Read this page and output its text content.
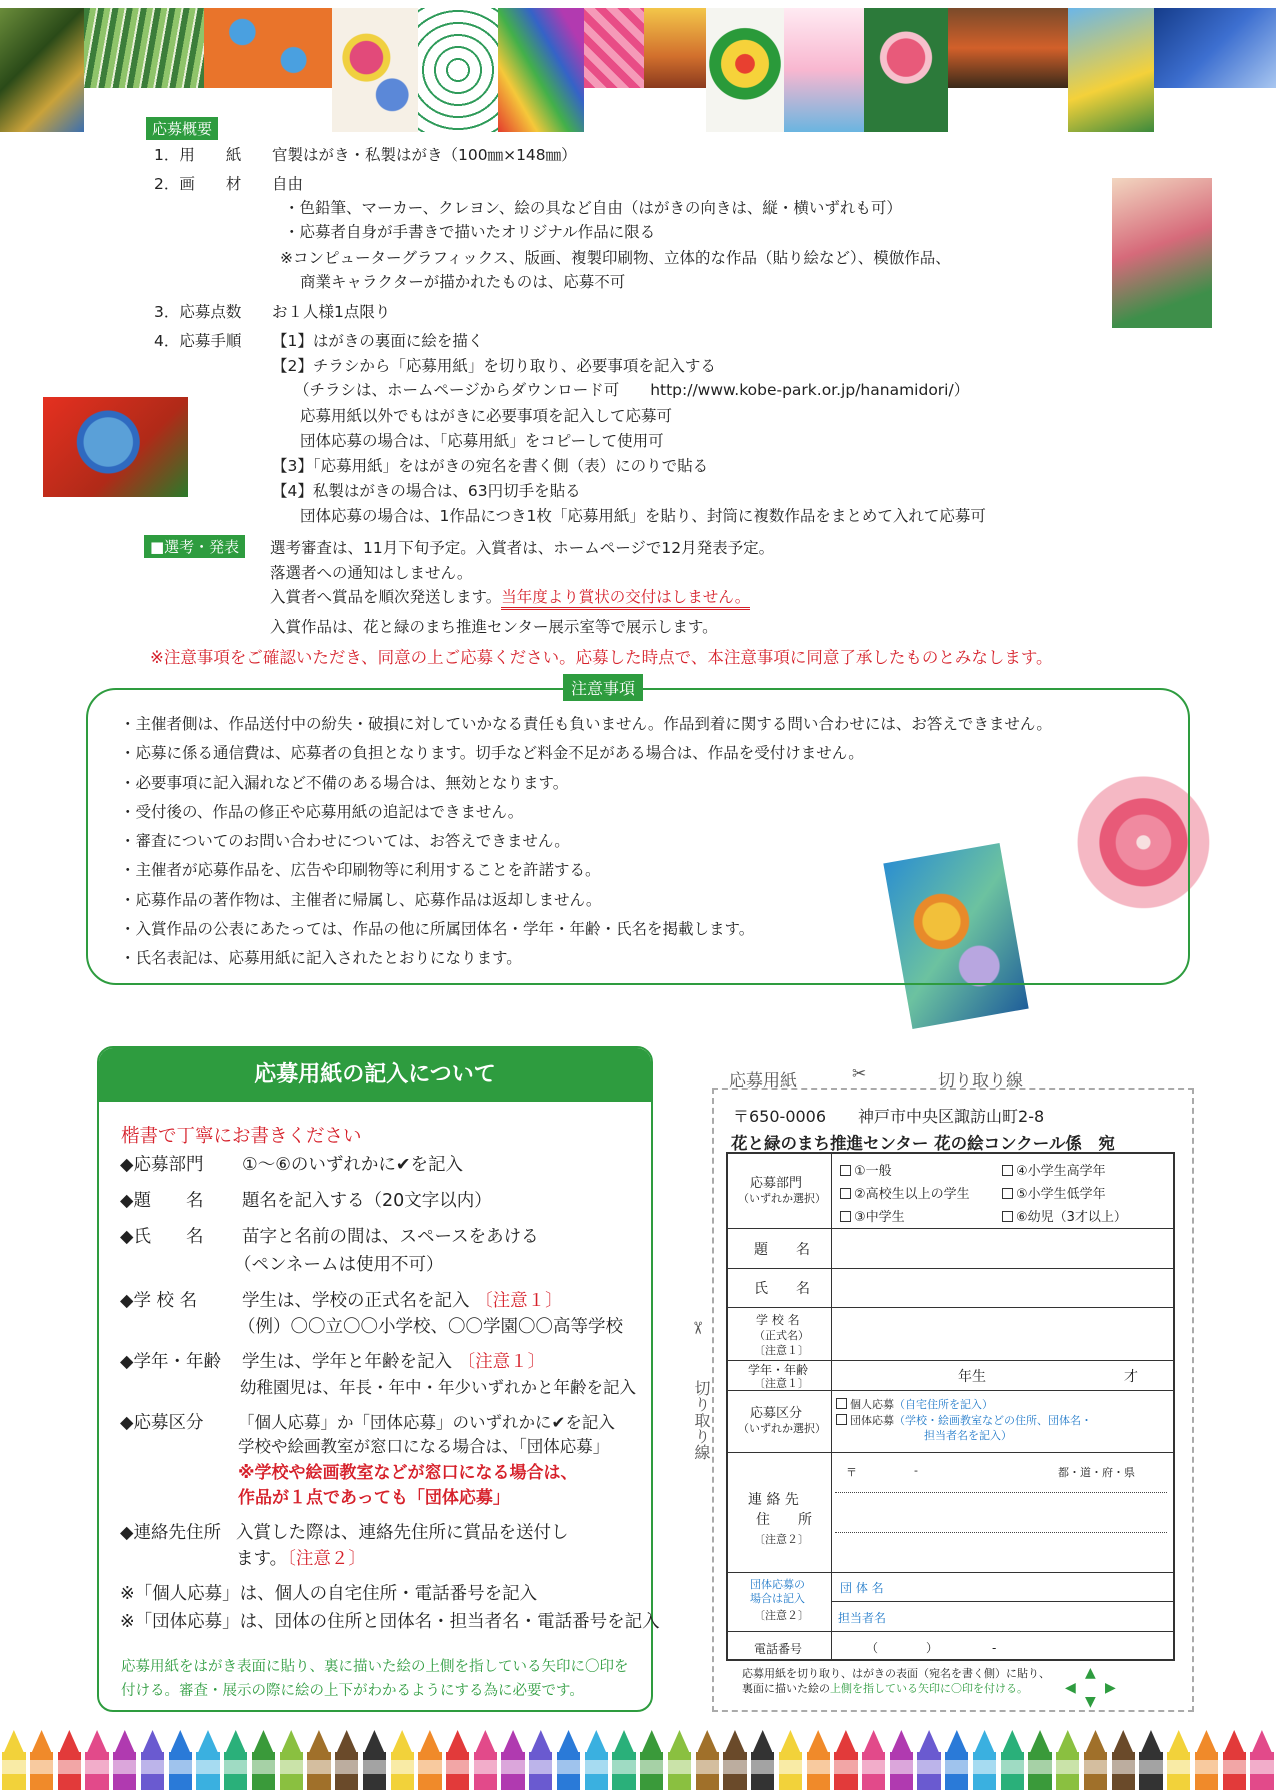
応募概要
1．用　　紙 官製はがき・私製はがき（100㎜×148㎜）
2．画　　材 自由
・色鉛筆、マーカー、クレヨン、絵の具など自由（はがきの向きは、縦・横いずれも可）
・応募者自身が手書きで描いたオリジナル作品に限る
※コンピューターグラフィックス、版画、複製印刷物、立体的な作品（貼り絵など）、模倣作品、
商業キャラクターが描かれたものは、応募不可
3．応募点数 お１人様1点限り
4．応募手順 【1】はがきの裏面に絵を描く
【2】チラシから「応募用紙」を切り取り、必要事項を記入する
（チラシは、ホームページからダウンロード可　　http://www.kobe-park.or.jp/hanamidori/）
応募用紙以外でもはがきに必要事項を記入して応募可
団体応募の場合は、「応募用紙」をコピーして使用可
【3】「応募用紙」をはがきの宛名を書く側（表）にのりで貼る
【4】私製はがきの場合は、63円切手を貼る
団体応募の場合は、1作品につき1枚「応募用紙」を貼り、封筒に複数作品をまとめて入れて応募可
■選考・発表	選考審査は、11月下旬予定。入賞者は、ホームページで12月発表予定。
落選者への通知はしません。
入賞者へ賞品を順次発送します。当年度より賞状の交付はしません。
入賞作品は、花と緑のまち推進センター展示室等で展示します。
※注意事項をご確認いただき、同意の上ご応募ください。応募した時点で、本注意事項に同意了承したものとみなします。
注意事項
・主催者側は、作品送付中の紛失・破損に対していかなる責任も負いません。作品到着に関する問い合わせには、お答えできません。
・応募に係る通信費は、応募者の負担となります。切手など料金不足がある場合は、作品を受付けません。
・必要事項に記入漏れなど不備のある場合は、無効となります。
・受付後の、作品の修正や応募用紙の追記はできません。
・審査についてのお問い合わせについては、お答えできません。
・主催者が応募作品を、広告や印刷物等に利用することを許諾する。
・応募作品の著作物は、主催者に帰属し、応募作品は返却しません。
・入賞作品の公表にあたっては、作品の他に所属団体名・学年・年齢・氏名を掲載します。
・氏名表記は、応募用紙に記入されたとおりになります。
応募用紙の記入について
楷書で丁寧にお書きください
◆応募部門 ①～⑥のいずれかに✔を記入
◆題　　名 題名を記入する（20文字以内）
◆氏　　名 苗字と名前の間は、スペースをあける
（ペンネームは使用不可）
◆学 校 名	学生は、学校の正式名を記入 〔注意１〕
（例）〇〇立〇〇小学校、〇〇学園〇〇高等学校
◆学年・年齢 学生は、学年と年齢を記入 〔注意１〕
幼稚園児は、年長・年中・年少いずれかと年齢を記入
◆応募区分 「個人応募」か「団体応募」のいずれかに✔を記入
学校や絵画教室が窓口になる場合は、「団体応募」
※学校や絵画教室などが窓口になる場合は、
作品が１点であっても「団体応募」
◆連絡先住所 入賞した際は、連絡先住所に賞品を送付し
ます。〔注意２〕
※「個人応募」は、個人の自宅住所・電話番号を記入
※「団体応募」は、団体の住所と団体名・担当者名・電話番号を記入
応募用紙をはがき表面に貼り、裏に描いた絵の上側を指している矢印に〇印を
付ける。審査・展示の際に絵の上下がわかるようにする為に必要です。
応募用紙	✂	切り取り線
〒650-0006　　神戸市中央区諏訪山町2-8
花と緑のまち推進センター 花の絵コンクール係　宛
✂
切り取り線
応募部門
（いずれか選択）
①一般	④小学生高学年
②高校生以上の学生	⑤小学生低学年
③中学生	⑥幼児（3才以上）
題　　名
氏　　名
学 校 名
（正式名）
〔注意１〕
学年・年齢
〔注意１〕	年生	才
応募区分
（いずれか選択）
個人応募（自宅住所を記入）
団体応募（学校・絵画教室などの住所、団体名・
担当者名を記入）
連 絡 先
住　　所
〔注意２〕
〒	-	都・道・府・県
団体応募の
場合は記入
〔注意２〕
団 体 名
担当者名
電話番号	（　　　　）　　　　　-
応募用紙を切り取り、はがきの表面（宛名を書く側）に貼り、
裏面に描いた絵の上側を指している矢印に〇印を付ける。
▲
◀ ▶
▼
